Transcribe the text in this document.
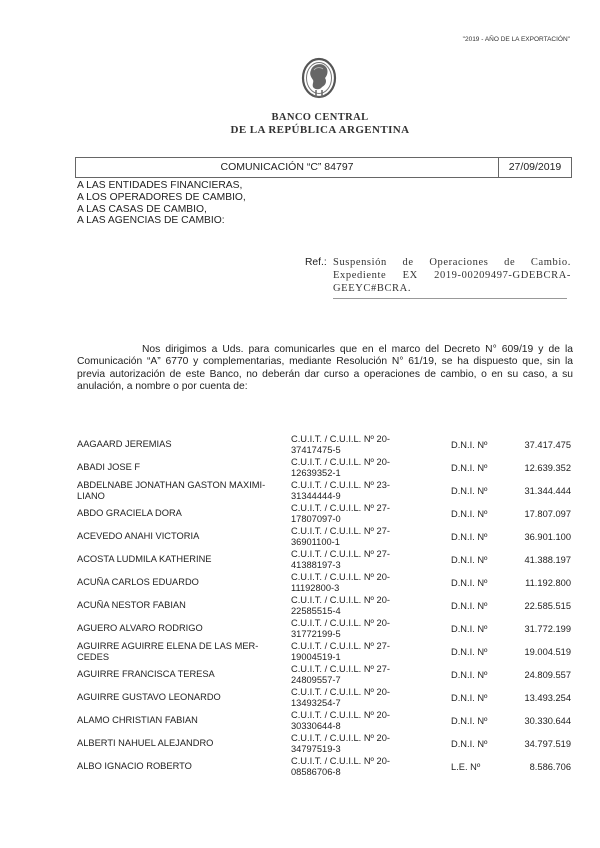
"2019 - AÑO DE LA EXPORTACIÓN"
BANCO CENTRAL
DE LA REPÚBLICA ARGENTINA
COMUNICACIÓN “C” 84797	27/09/2019
A LAS ENTIDADES FINANCIERAS,
A LOS OPERADORES DE CAMBIO,
A LAS CASAS DE CAMBIO,
A LAS AGENCIAS DE CAMBIO:
Ref.: Suspensión de Operaciones de Cambio. Expediente EX 2019-00209497-GDEBCRA-GEEYC#BCRA.
Nos dirigimos a Uds. para comunicarles que en el marco del Decreto N° 609/19 y de la Comunicación “A” 6770 y complementarias, mediante Resolución N° 61/19, se ha dispuesto que, sin la previa autorización de este Banco, no deberán dar curso a operaciones de cambio, o en su caso, a su anulación, a nombre o por cuenta de:
AAGAARD JEREMIAS
C.U.I.T. / C.U.I.L. Nº 20-37417475-5	D.N.I. Nº	37.417.475
ABADI JOSE F
C.U.I.T. / C.U.I.L. Nº 20-12639352-1	D.N.I. Nº	12.639.352
ABDELNABE JONATHAN GASTON MAXIMI-LIANO
C.U.I.T. / C.U.I.L. Nº 23-31344444-9	D.N.I. Nº	31.344.444
ABDO GRACIELA DORA
C.U.I.T. / C.U.I.L. Nº 27-17807097-0	D.N.I. Nº	17.807.097
ACEVEDO ANAHI VICTORIA
C.U.I.T. / C.U.I.L. Nº 27-36901100-1	D.N.I. Nº	36.901.100
ACOSTA LUDMILA KATHERINE
C.U.I.T. / C.U.I.L. Nº 27-41388197-3	D.N.I. Nº	41.388.197
ACUÑA CARLOS EDUARDO
C.U.I.T. / C.U.I.L. Nº 20-11192800-3	D.N.I. Nº	11.192.800
ACUÑA NESTOR FABIAN
C.U.I.T. / C.U.I.L. Nº 20-22585515-4	D.N.I. Nº	22.585.515
AGUERO ALVARO RODRIGO
C.U.I.T. / C.U.I.L. Nº 20-31772199-5	D.N.I. Nº	31.772.199
AGUIRRE AGUIRRE ELENA DE LAS MER-CEDES
C.U.I.T. / C.U.I.L. Nº 27-19004519-1	D.N.I. Nº	19.004.519
AGUIRRE FRANCISCA TERESA
C.U.I.T. / C.U.I.L. Nº 27-24809557-7	D.N.I. Nº	24.809.557
AGUIRRE GUSTAVO LEONARDO
C.U.I.T. / C.U.I.L. Nº 20-13493254-7	D.N.I. Nº	13.493.254
ALAMO CHRISTIAN FABIAN
C.U.I.T. / C.U.I.L. Nº 20-30330644-8	D.N.I. Nº	30.330.644
ALBERTI NAHUEL ALEJANDRO
C.U.I.T. / C.U.I.L. Nº 20-34797519-3	D.N.I. Nº	34.797.519
ALBO IGNACIO ROBERTO
C.U.I.T. / C.U.I.L. Nº 20-08586706-8	L.E. Nº	8.586.706
